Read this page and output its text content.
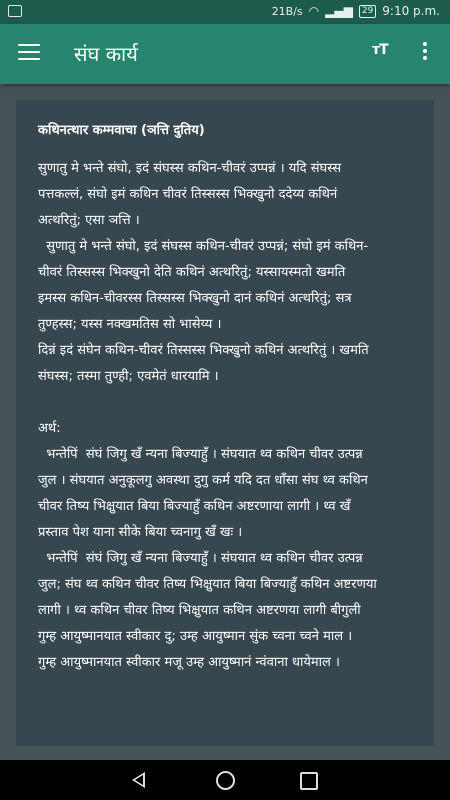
21B/s ◠ ▂▄▆	29 9:10 p.m.
संघ कार्य	ᴛT
कथिनत्थार कम्मवाचा (ञत्ति दुतिय)
सुणातु मे भन्ते संघो, इदं संघस्स कथिन-चीवरं उप्पन्नं । यदि संघस्स
पत्तकल्लं, संघो इमं कथिन चीवरं तिस्सस्स भिक्खुनो ददेय्य कथिनं
अत्थरितुं; एसा ञत्ति ।
सुणातु मे भन्ते संघो, इदं संघस्स कथिन-चीवरं उप्पन्नं; संघो इमं कथिन-
चीवरं तिस्सस्स भिक्खुनो देति कथिनं अत्थरितुं; यस्सायस्मतो खमति
इमस्स कथिन-चीवरस्स तिस्सस्स भिक्खुनो दानं कथिनं अत्थरितुं; सत्र
तुण्हस्स; यस्स नक्खमतिस सो भासेय्य ।
दिन्नं इदं संघेन कथिन-चीवरं तिस्सस्स भिक्खुनो कथिनं अत्थरितुं । खमति
संघस्स; तस्मा तुण्ही; एवमेतं धारयामि ।
अर्थ:
भन्तेपिं  संघं जिगु खँ न्यना बिज्याहुँ । संघयात थ्व कथिन चीवर उत्पन्न
जुल । संघयात अनुकूलगु अवस्था दुगु कर्म यदि दत धाँसा संघ थ्व कथिन
चीवर तिष्य भिक्षुयात बिया बिज्याहुँ कथिन अष्टरणाया लागी । थ्व खँ
प्रस्ताव पेश याना सीके बिया च्वनागु खँ खः ।
भन्तेपिं  संघं जिगु खँ न्यना बिज्याहुँ । संघयात थ्व कथिन चीवर उत्पन्न
जुल; संघ थ्व कथिन चीवर तिष्य भिक्षुयात बिया बिज्याहुँ कथिन अष्टरणया
लागी । थ्व कथिन चीवर तिष्य भिक्षुयात कथिन अष्टरणया लागी बीगुली
गुम्ह आयुष्मानयात स्वीकार दु; उम्ह आयुष्मान सुंक च्वना च्वने माल ।
गुम्ह आयुष्मानयात स्वीकार मजू उम्ह आयुष्मानं न्वंवाना धायेमाल ।
